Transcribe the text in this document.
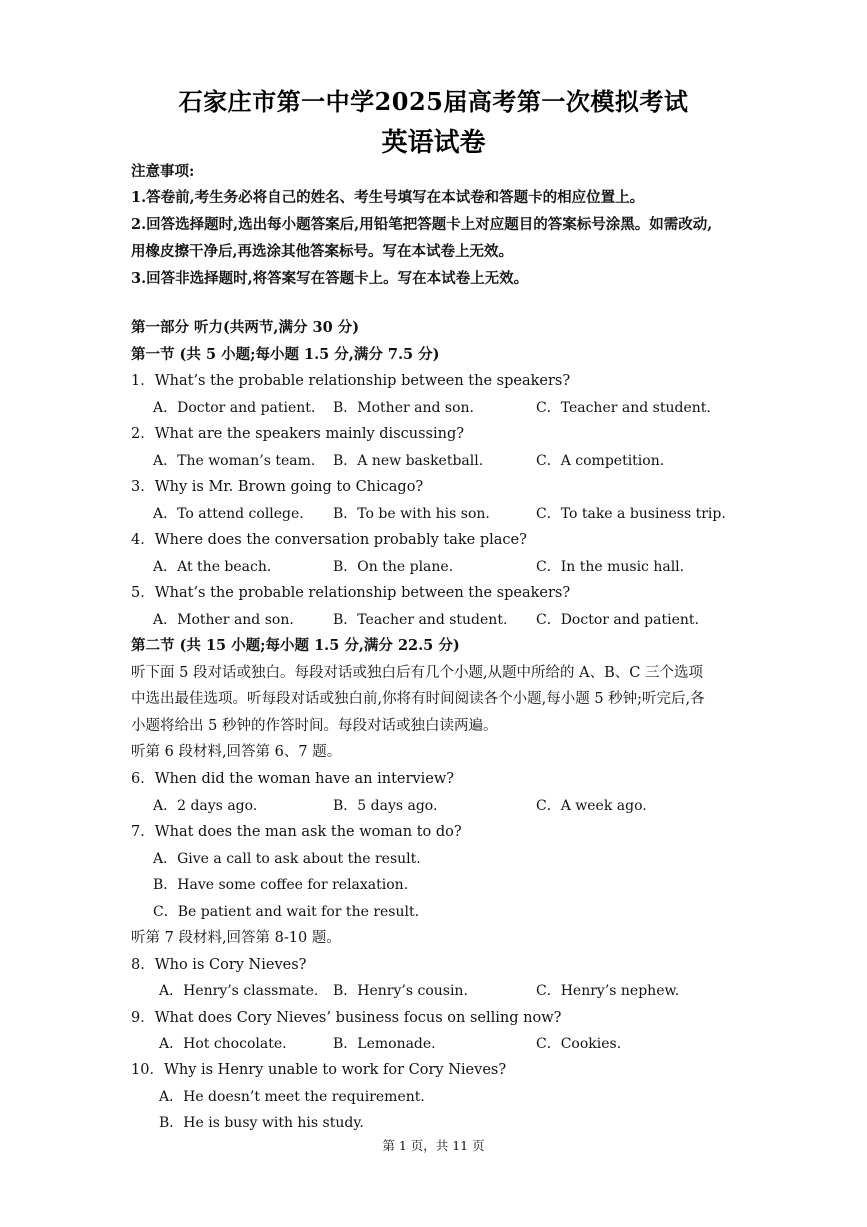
石家庄市第一中学2025届高考第一次模拟考试
英语试卷
注意事项:
1.答卷前,考生务必将自己的姓名、考生号填写在本试卷和答题卡的相应位置上。
2.回答选择题时,选出每小题答案后,用铅笔把答题卡上对应题目的答案标号涂黑。如需改动,
用橡皮擦干净后,再选涂其他答案标号。写在本试卷上无效。
3.回答非选择题时,将答案写在答题卡上。写在本试卷上无效。
第一部分 听力(共两节,满分 30 分)
第一节 (共 5 小题;每小题 1.5 分,满分 7.5 分)
1．What’s the probable relationship between the speakers?
A．Doctor and patient. B．Mother and son.	C．Teacher and student.
2．What are the speakers mainly discussing?
A．The woman’s team. B．A new basketball.	C．A competition.
3．Why is Mr. Brown going to Chicago?
A．To attend college. B．To be with his son.	C．To take a business trip.
4．Where does the conversation probably take place?
A．At the beach.	B．On the plane.	C．In the music hall.
5．What’s the probable relationship between the speakers?
A．Mother and son.	B．Teacher and student. C．Doctor and patient.
第二节 (共 15 小题;每小题 1.5 分,满分 22.5 分)
听下面 5 段对话或独白。每段对话或独白后有几个小题,从题中所给的 A、B、C 三个选项
中选出最佳选项。听每段对话或独白前,你将有时间阅读各个小题,每小题 5 秒钟;听完后,各
小题将给出 5 秒钟的作答时间。每段对话或独白读两遍。
听第 6 段材料,回答第 6、7 题。
6．When did the woman have an interview?
A．2 days ago.	B．5 days ago.	C．A week ago.
7．What does the man ask the woman to do?
A．Give a call to ask about the result.
B．Have some coffee for relaxation.
C．Be patient and wait for the result.
听第 7 段材料,回答第 8-10 题。
8．Who is Cory Nieves?
A．Henry’s classmate. B．Henry’s cousin.	C．Henry’s nephew.
9．What does Cory Nieves’ business focus on selling now?
A．Hot chocolate.	B．Lemonade.	C．Cookies.
10．Why is Henry unable to work for Cory Nieves?
A．He doesn’t meet the requirement.
B．He is busy with his study.
第 1 页，共 11 页
